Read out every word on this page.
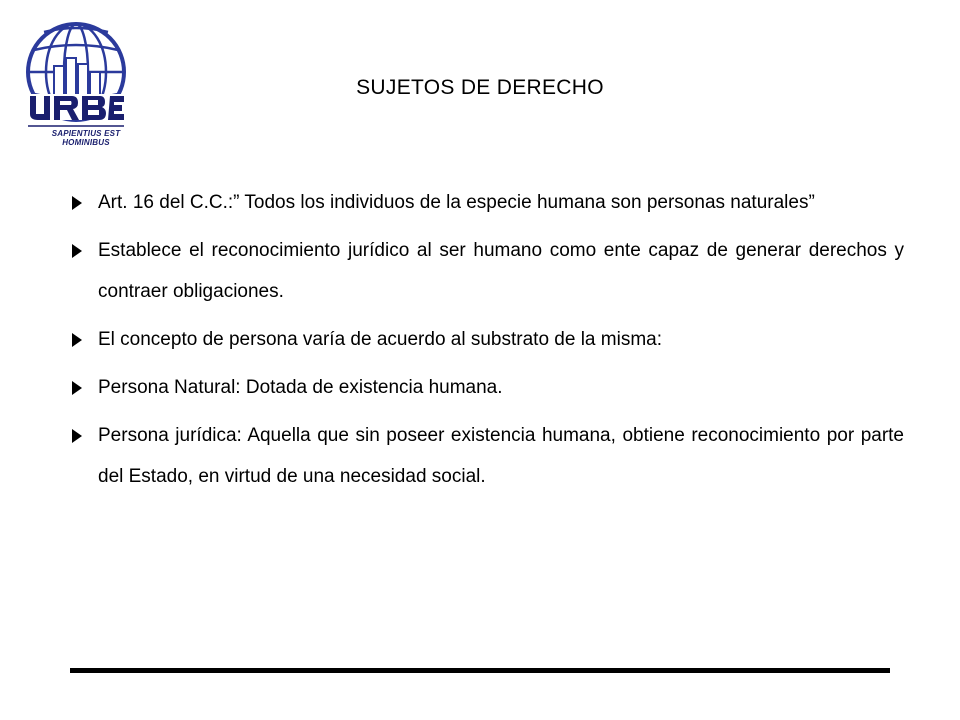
SAPIENTIUS EST HOMINIBUS
SUJETOS DE DERECHO
Art. 16 del C.C.:” Todos los individuos de la especie humana son personas naturales”
Establece el reconocimiento jurídico al ser humano como ente capaz de generar derechos y contraer obligaciones.
El concepto de persona varía de acuerdo al substrato de la misma:
Persona Natural: Dotada de existencia humana.
Persona jurídica: Aquella que sin poseer existencia humana, obtiene reconocimiento por parte del Estado, en virtud de una necesidad social.
